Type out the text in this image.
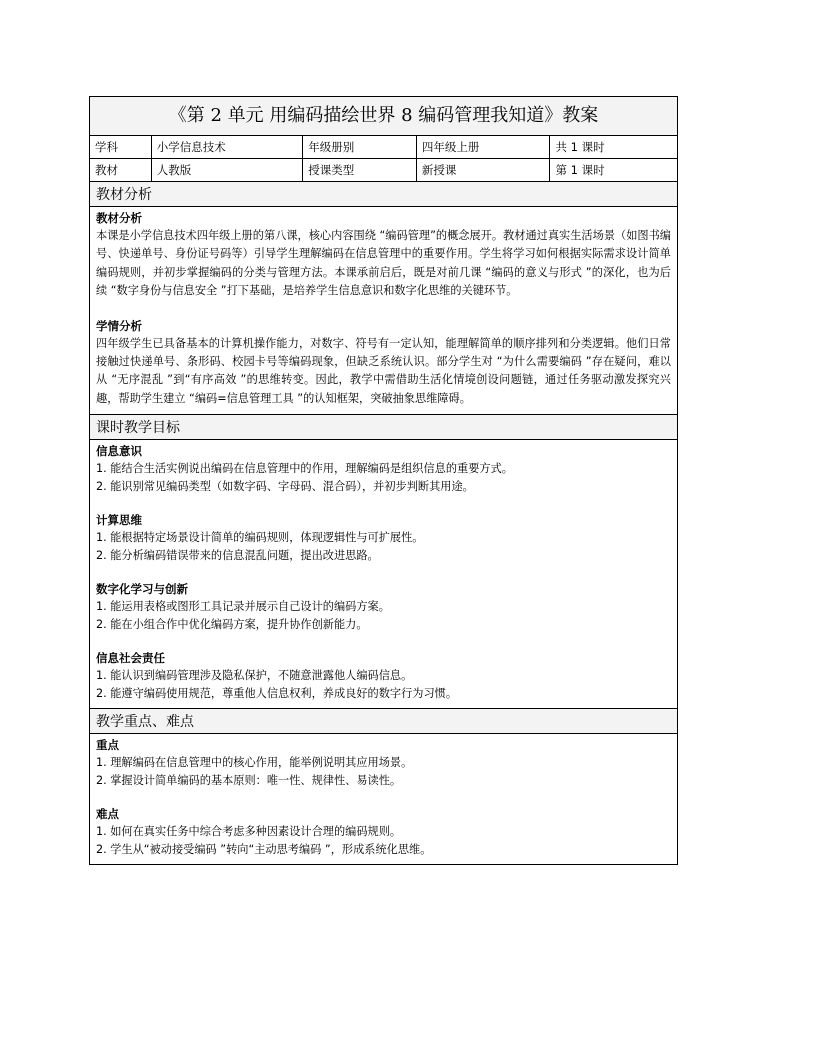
《第 2 单元 用编码描绘世界 8 编码管理我知道》教案
学科	小学信息技术	年级册别	四年级上册	共 1 课时
教材	人教版	授课类型	新授课	第 1 课时
教材分析
教材分析
本课是小学信息技术四年级上册的第八课，核心内容围绕 “编码管理”的概念展开。教材通过真实生活场景（如图书编号、快递单号、身份证号码等）引导学生理解编码在信息管理中的重要作用。学生将学习如何根据实际需求设计简单编码规则，并初步掌握编码的分类与管理方法。本课承前启后，既是对前几课 “编码的意义与形式 ”的深化，也为后续 “数字身份与信息安全 ”打下基础，是培养学生信息意识和数字化思维的关键环节。
学情分析
四年级学生已具备基本的计算机操作能力，对数字、符号有一定认知，能理解简单的顺序排列和分类逻辑。他们日常接触过快递单号、条形码、校园卡号等编码现象，但缺乏系统认识。部分学生对 “为什么需要编码 ”存在疑问，难以从 “无序混乱 ”到“有序高效 ”的思维转变。因此，教学中需借助生活化情境创设问题链，通过任务驱动激发探究兴趣，帮助学生建立 “编码=信息管理工具 ”的认知框架，突破抽象思维障碍。
课时教学目标
信息意识
1. 能结合生活实例说出编码在信息管理中的作用，理解编码是组织信息的重要方式。
2. 能识别常见编码类型（如数字码、字母码、混合码），并初步判断其用途。
计算思维
1. 能根据特定场景设计简单的编码规则，体现逻辑性与可扩展性。
2. 能分析编码错误带来的信息混乱问题，提出改进思路。
数字化学习与创新
1. 能运用表格或图形工具记录并展示自己设计的编码方案。
2. 能在小组合作中优化编码方案，提升协作创新能力。
信息社会责任
1. 能认识到编码管理涉及隐私保护，不随意泄露他人编码信息。
2. 能遵守编码使用规范，尊重他人信息权利，养成良好的数字行为习惯。
教学重点、难点
重点
1. 理解编码在信息管理中的核心作用，能举例说明其应用场景。
2. 掌握设计简单编码的基本原则：唯一性、规律性、易读性。
难点
1. 如何在真实任务中综合考虑多种因素设计合理的编码规则。
2. 学生从“被动接受编码 ”转向“主动思考编码 ”，形成系统化思维。
